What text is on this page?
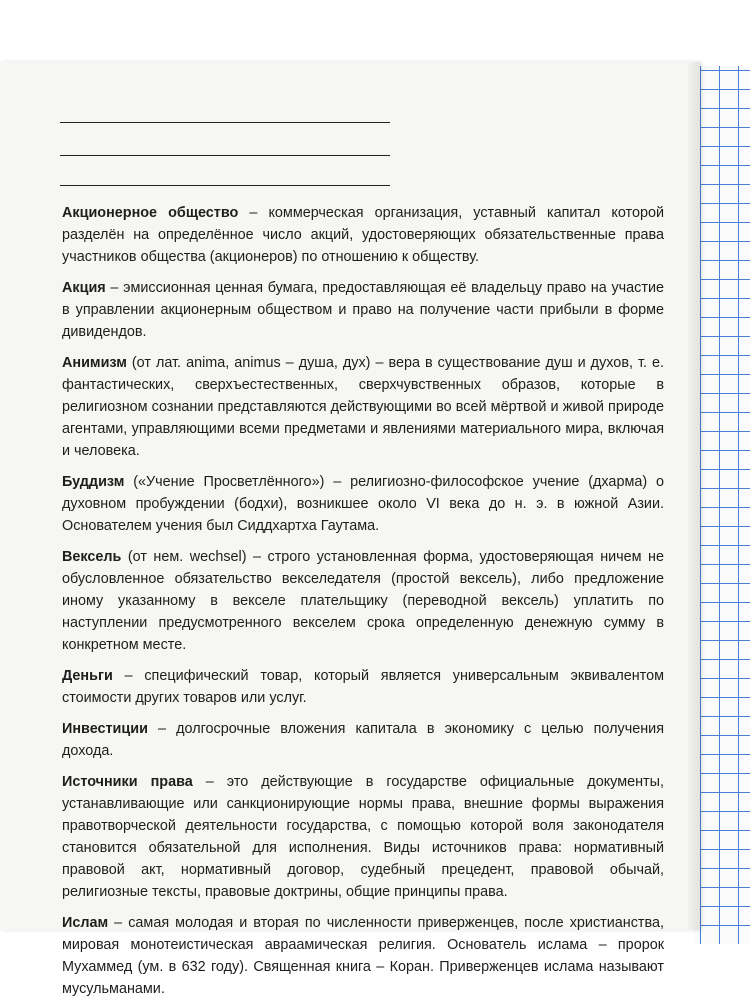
Акционерное общество – коммерческая организация, уставный капитал которой разделён на определённое число акций, удостоверяющих обязательственные права участников общества (акционеров) по отношению к обществу.

Акция – эмиссионная ценная бумага, предоставляющая её владельцу право на участие в управлении акционерным обществом и право на получение части прибыли в форме дивидендов.

Анимизм (от лат. anima, animus – душа, дух) – вера в существование душ и духов, т. е. фантастических, сверхъестественных, сверхчувственных образов, которые в религиозном сознании представляются действующими во всей мёртвой и живой природе агентами, управляющими всеми предметами и явлениями материального мира, включая и человека.

Буддизм («Учение Просветлённого») – религиозно-философское учение (дхарма) о духовном пробуждении (бодхи), возникшее около VI века до н. э. в южной Азии. Основателем учения был Сиддхартха Гаутама.

Вексель (от нем. wechsel) – строго установленная форма, удостоверяющая ничем не обусловленное обязательство векселедателя (простой вексель), либо предложение иному указанному в векселе плательщику (переводной вексель) уплатить по наступлении предусмотренного векселем срока определенную денежную сумму в конкретном месте.

Деньги – специфический товар, который является универсальным эквивалентом стоимости других товаров или услуг.

Инвестиции – долгосрочные вложения капитала в экономику с целью получения дохода.

Источники права – это действующие в государстве официальные документы, устанавливающие или санкционирующие нормы права, внешние формы выражения правотворческой деятельности государства, с помощью которой воля законодателя становится обязательной для исполнения. Виды источников права: нормативный правовой акт, нормативный договор, судебный прецедент, правовой обычай, религиозные тексты, правовые доктрины, общие принципы права.

Ислам – самая молодая и вторая по численности приверженцев, после христианства, мировая монотеистическая авраамическая религия. Основатель ислама – пророк Мухаммед (ум. в 632 году). Священная книга – Коран. Приверженцев ислама называют мусульманами.
